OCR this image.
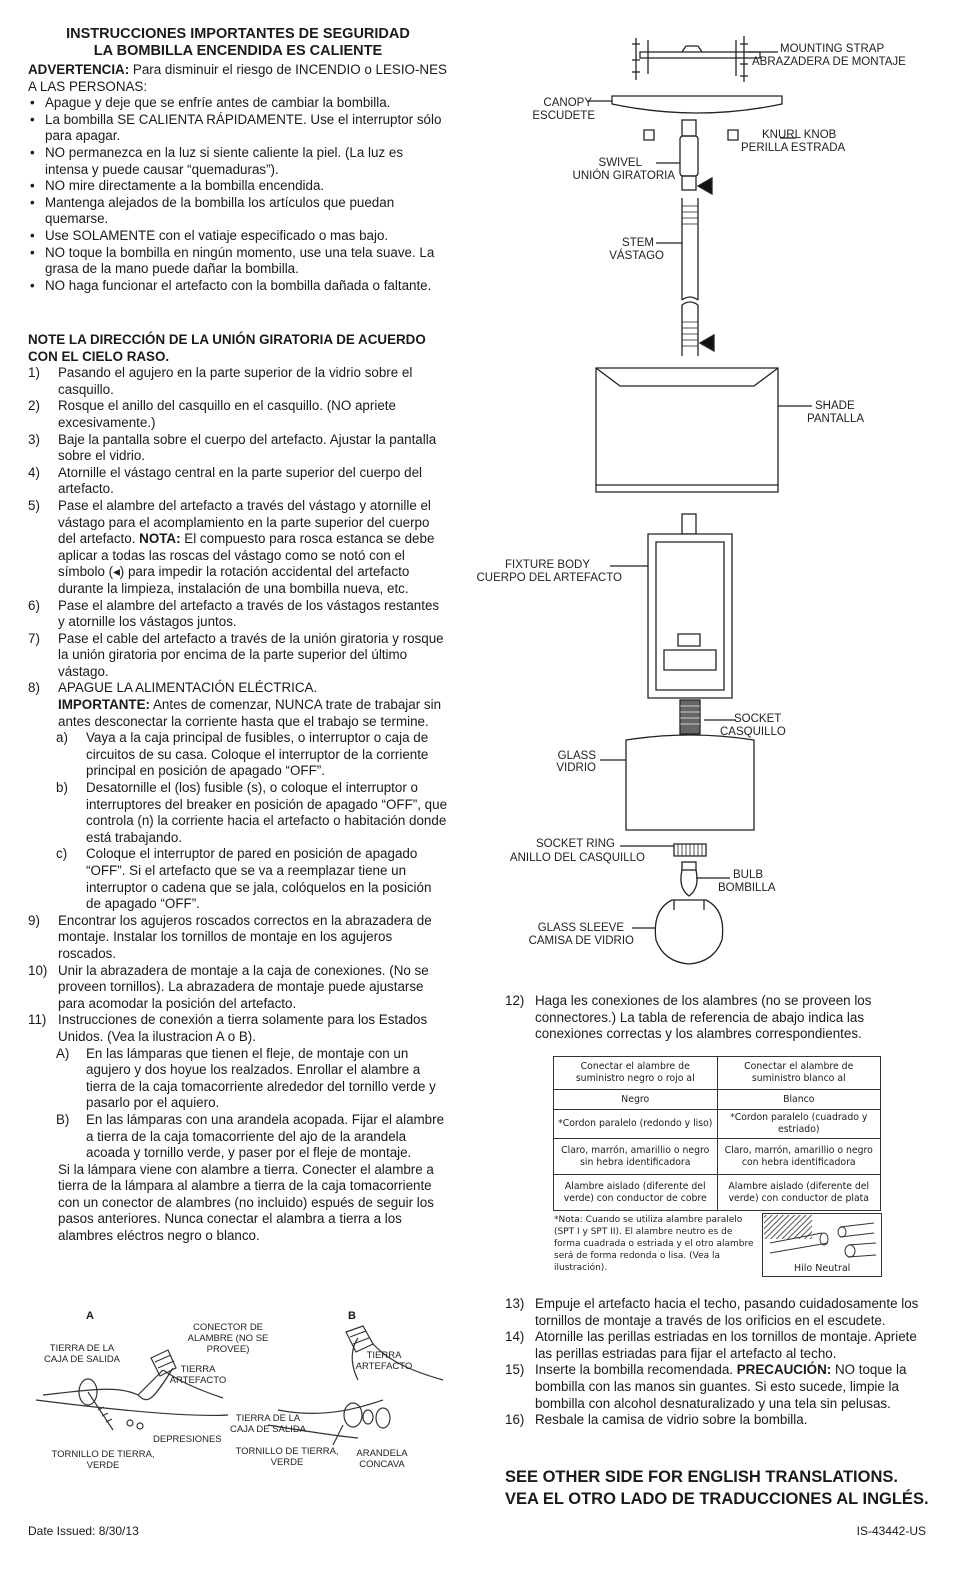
INSTRUCCIONES IMPORTANTES DE SEGURIDAD
LA BOMBILLA ENCENDIDA ES CALIENTE
ADVERTENCIA: Para disminuir el riesgo de INCENDIO o LESIO-NES A LAS PERSONAS:
• Apague y deje que se enfríe antes de cambiar la bombilla.
• La bombilla SE CALIENTA RÁPIDAMENTE. Use el interruptor sólo para apagar.
• NO permanezca en la luz si siente caliente la piel. (La luz es intensa y puede causar “quemaduras”).
• NO mire directamente a la bombilla encendida.
• Mantenga alejados de la bombilla los artículos que puedan quemarse.
• Use SOLAMENTE con el vatiaje especificado o mas bajo.
• NO toque la bombilla en ningún momento, use una tela suave. La grasa de la mano puede dañar la bombilla.
• NO haga funcionar el artefacto con la bombilla dañada o faltante.
NOTE LA DIRECCIÓN DE LA UNIÓN GIRATORIA DE ACUERDO CON EL CIELO RASO.
1) Pasando el agujero en la parte superior de la vidrio sobre el casquillo.
2) Rosque el anillo del casquillo en el casquillo. (NO apriete excesivamente.)
3) Baje la pantalla sobre el cuerpo del artefacto. Ajustar la pantalla sobre el vidrio.
4) Atornille el vástago central en la parte superior del cuerpo del artefacto.
5) Pase el alambre del artefacto a través del vástago y atornille el vástago para el acomplamiento en la parte superior del cuerpo del artefacto. NOTA: El compuesto para rosca estanca se debe aplicar a todas las roscas del vástago como se notó con el símbolo (◂) para impedir la rotación accidental del artefacto durante la limpieza, instalación de una bombilla nueva, etc.
6) Pase el alambre del artefacto a través de los vástagos restantes y atornille los vástagos juntos.
7) Pase el cable del artefacto a través de la unión giratoria y rosque la unión giratoria por encima de la parte superior del último vástago.
8) APAGUE LA ALIMENTACIÓN ELÉCTRICA.
IMPORTANTE: Antes de comenzar, NUNCA trate de trabajar sin antes desconectar la corriente hasta que el trabajo se termine.
a) Vaya a la caja principal de fusibles, o interruptor o caja de circuitos de su casa. Coloque el interruptor de la corriente principal en posición de apagado “OFF”.
b) Desatornille el (los) fusible (s), o coloque el interruptor o interruptores del breaker en posición de apagado “OFF”, que controla (n) la corriente hacia el artefacto o habitación donde está trabajando.
c) Coloque el interruptor de pared en posición de apagado “OFF”. Si el artefacto que se va a reemplazar tiene un interruptor o cadena que se jala, colóquelos en la posición de apagado “OFF”.
9) Encontrar los agujeros roscados correctos en la abrazadera de montaje. Instalar los tornillos de montaje en los agujeros roscados.
10) Unir la abrazadera de montaje a la caja de conexiones. (No se proveen tornillos). La abrazadera de montaje puede ajustarse para acomodar la posición del artefacto.
11) Instrucciones de conexión a tierra solamente para los Estados Unidos. (Vea la ilustracion A o B).
A) En las lámparas que tienen el fleje, de montaje con un agujero y dos hoyue los realzados. Enrollar el alambre a tierra de la caja tomacorriente alrededor del tornillo verde y pasarlo por el aquiero.
B) En las lámparas con una arandela acopada. Fijar el alambre a tierra de la caja tomacorriente del ajo de la arandela acoada y tornillo verde, y paser por el fleje de montaje.
Si la lámpara viene con alambre a tierra. Conecter el alambre a tierra de la lámpara al alambre a tierra de la caja tomacorriente con un conector de alambres (no incluido) espués de seguir los pasos anteriores. Nunca conectar el alambra a tierra a los alambres eléctros negro o blanco.
A	B
CONECTOR DE ALAMBRE (NO SE PROVEE)
TIERRA DE LA CAJA DE SALIDA
TIERRA ARTEFACTO
DEPRESIONES
TORNILLO DE TIERRA, VERDE
TIERRA ARTEFACTO
TIERRA DE LA CAJA DE SALIDA
TORNILLO DE TIERRA, VERDE
ARANDELA CONCAVA
MOUNTING STRAP
ABRAZADERA DE MONTAJE
CANOPY
ESCUDETE
KNURL KNOB
PERILLA ESTRADA
SWIVEL
UNIÓN GIRATORIA
STEM
VÁSTAGO
SHADE
PANTALLA
FIXTURE BODY
CUERPO DEL ARTEFACTO
SOCKET
CASQUILLO
GLASS
VIDRIO
SOCKET RING
ANILLO DEL CASQUILLO
BULB
BOMBILLA
GLASS SLEEVE
CAMISA DE VIDRIO
12) Haga les conexiones de los alambres (no se proveen los connectores.) La tabla de referencia de abajo indica las conexiones correctas y los alambres correspondientes.
Conectar el alambre de suministro negro o rojo al	Conectar el alambre de suministro blanco al
Negro	Blanco
*Cordon paralelo (redondo y liso)	*Cordon paralelo (cuadrado y estriado)
Claro, marrón, amarillio o negro sin hebra identificadora	Claro, marrón, amarillio o negro con hebra identificadora
Alambre aislado (diferente del verde) con conductor de cobre	Alambre aislado (diferente del verde) con conductor de plata
*Nota: Cuando se utiliza alambre paralelo (SPT I y SPT II). El alambre neutro es de forma cuadrada o estriada y el otro alambre será de forma redonda o lisa. (Vea la ilustración).	Hilo Neutral
13) Empuje el artefacto hacia el techo, pasando cuidadosamente los tornillos de montaje a través de los orificios en el escudete.
14) Atornille las perillas estriadas en los tornillos de montaje. Apriete las perillas estriadas para fijar el artefacto al techo.
15) Inserte la bombilla recomendada. PRECAUCIÓN: NO toque la bombilla con las manos sin guantes. Si esto sucede, limpie la bombilla con alcohol desnaturalizado y una tela sin pelusas.
16) Resbale la camisa de vidrio sobre la bombilla.
SEE OTHER SIDE FOR ENGLISH TRANSLATIONS.
VEA EL OTRO LADO DE TRADUCCIONES AL INGLÉS.
Date Issued: 8/30/13	IS-43442-US
